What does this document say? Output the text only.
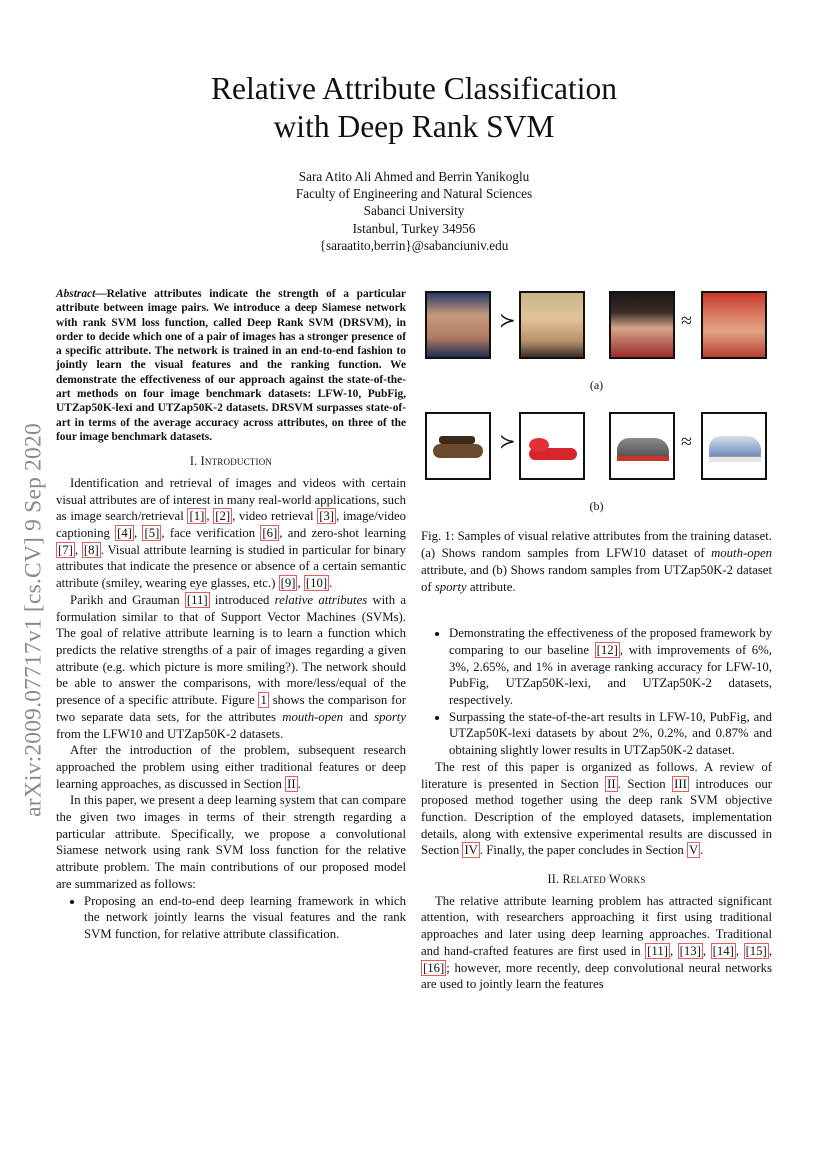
Relative Attribute Classification
with Deep Rank SVM
Sara Atito Ali Ahmed and Berrin Yanikoglu
Faculty of Engineering and Natural Sciences
Sabanci University
Istanbul, Turkey 34956
{saraatito,berrin}@sabanciuniv.edu
arXiv:2009.07717v1 [cs.CV] 9 Sep 2020
Abstract—Relative attributes indicate the strength of a particular attribute between image pairs. We introduce a deep Siamese network with rank SVM loss function, called Deep Rank SVM (DRSVM), in order to decide which one of a pair of images has a stronger presence of a specific attribute. The network is trained in an end-to-end fashion to jointly learn the visual features and the ranking function. We demonstrate the effectiveness of our approach against the state-of-the-art methods on four image benchmark datasets: LFW-10, PubFig, UTZap50K-lexi and UTZap50K-2 datasets. DRSVM surpasses state-of-art in terms of the average accuracy across attributes, on three of the four image benchmark datasets.
I. Introduction

Identification and retrieval of images and videos with certain visual attributes are of interest in many real-world applications, such as image search/retrieval [1] , [2] , video retrieval [3] , image/video captioning [4] , [5] , face verification [6] , and zero-shot learning [7] , [8] . Visual attribute learning is studied in particular for binary attributes that indicate the presence or absence of a certain semantic attribute (smiley, wearing eye glasses, etc.) [9] , [10] .

Parikh and Grauman [11] introduced relative attributes with a formulation similar to that of Support Vector Machines (SVMs). The goal of relative attribute learning is to learn a function which predicts the relative strengths of a pair of images regarding a given attribute (e.g. which picture is more smiling?). The network should be able to answer the comparisons, with more/less/equal of the presence of a specific attribute. Figure 1 shows the comparison for two separate data sets, for the attributes mouth-open and sporty from the LFW10 and UTZap50K-2 datasets.

After the introduction of the problem, subsequent research approached the problem using either traditional features or deep learning approaches, as discussed in Section II .

In this paper, we present a deep learning system that can compare the given two images in terms of their strength regarding a particular attribute. Specifically, we propose a convolutional Siamese network using rank SVM loss function for the relative attribute problem. The main contributions of our proposed model are summarized as follows:

• Proposing an end-to-end deep learning framework in which the network jointly learns the visual features and the rank SVM function, for relative attribute classification.
≻	≈
(a)
≻	≈
(b)
Fig. 1: Samples of visual relative attributes from the training dataset. (a) Shows random samples from LFW10 dataset of mouth-open attribute, and (b) Shows random samples from UTZap50K-2 dataset of sporty attribute.
• Demonstrating the effectiveness of the proposed framework by comparing to our baseline [12] , with improvements of 6%, 3%, 2.65%, and 1% in average ranking accuracy for LFW-10, PubFig, UTZap50K-lexi, and UTZap50K-2 datasets, respectively.
• Surpassing the state-of-the-art results in LFW-10, PubFig, and UTZap50K-lexi datasets by about 2%, 0.2%, and 0.87% and obtaining slightly lower results in UTZap50K-2 dataset.

The rest of this paper is organized as follows. A review of literature is presented in Section II . Section III introduces our proposed method together using the deep rank SVM objective function. Description of the employed datasets, implementation details, along with extensive experimental results are discussed in Section IV . Finally, the paper concludes in Section V .

II. Related Works

The relative attribute learning problem has attracted significant attention, with researchers approaching it first using traditional approaches and later using deep learning approaches. Traditional and hand-crafted features are first used in [11] , [13] , [14] , [15] , [16] ; however, more recently, deep convolutional neural networks are used to jointly learn the features
